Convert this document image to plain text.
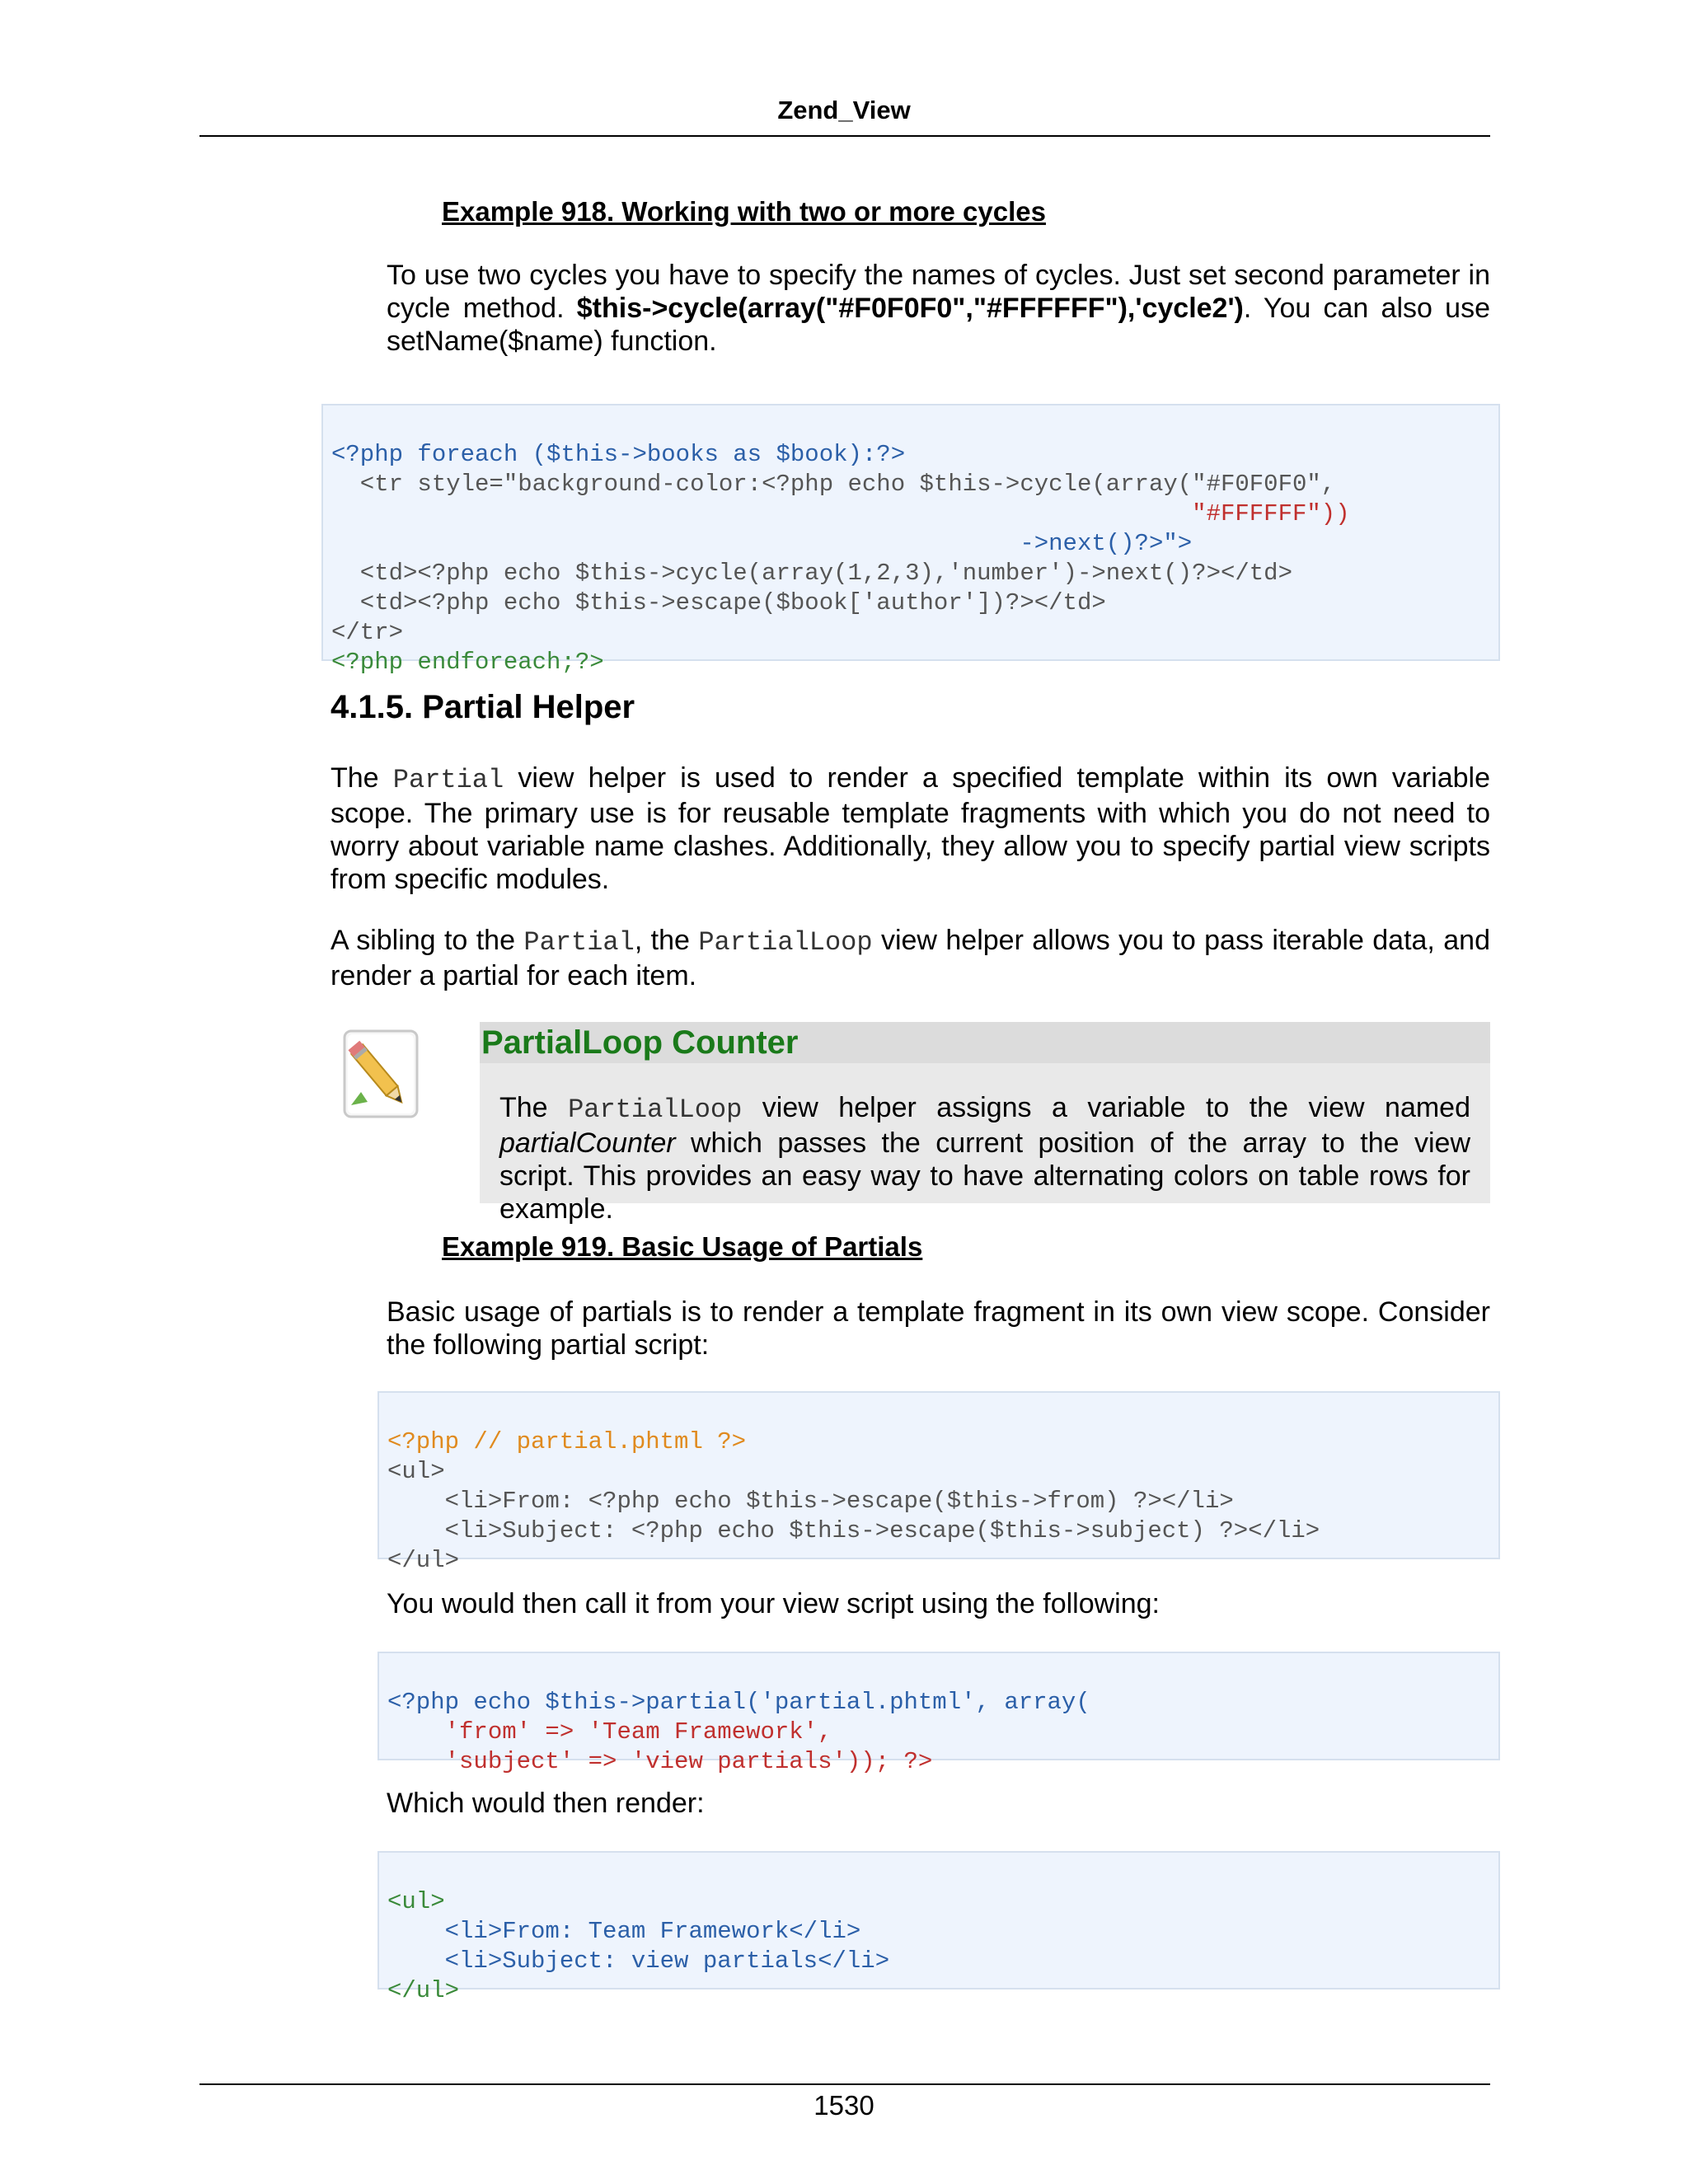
Zend_View
Example 918. Working with two or more cycles
To use two cycles you have to specify the names of cycles. Just set second parameter in cycle method. $this->cycle(array("#F0F0F0","#FFFFFF"),'cycle2'). You can also use setName($name) function.

<?php foreach ($this->books as $book):?>
<tr style="background-color:<?php echo $this->cycle(array("#F0F0F0",
"#FFFFFF"))
->next()?>">
<td><?php echo $this->cycle(array(1,2,3),'number')->next()?></td>
<td><?php echo $this->escape($book['author'])?></td>
</tr>
<?php endforeach;?>
4.1.5. Partial Helper
The Partial view helper is used to render a specified template within its own variable scope. The primary use is for reusable template fragments with which you do not need to worry about variable name clashes. Additionally, they allow you to specify partial view scripts from specific modules.
A sibling to the Partial, the PartialLoop view helper allows you to pass iterable data, and render a partial for each item.
PartialLoop Counter
The PartialLoop view helper assigns a variable to the view named partialCounter which passes the current position of the array to the view script. This provides an easy way to have alternating colors on table rows for example.
Example 919. Basic Usage of Partials
Basic usage of partials is to render a template fragment in its own view scope. Consider the following partial script:

<?php // partial.phtml ?>
<ul>
<li>From: <?php echo $this->escape($this->from) ?></li>
<li>Subject: <?php echo $this->escape($this->subject) ?></li>
</ul>
You would then call it from your view script using the following:

<?php echo $this->partial('partial.phtml', array(
'from' => 'Team Framework',
'subject' => 'view partials')); ?>
Which would then render:

<ul>
<li>From: Team Framework</li>
<li>Subject: view partials</li>
</ul>
1530
